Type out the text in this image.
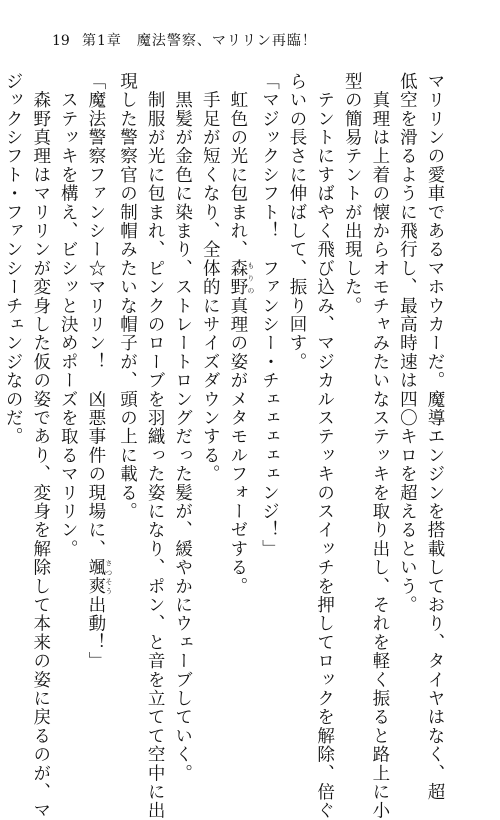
19 第1章　魔法警察、マリリン再臨！
マリリンの愛車であるマホウカーだ。魔導エンジンを搭載しており、タイヤはなく、超
低空を滑るように飛行し、最高時速は四〇キロを超えるという。
　真理は上着の懐からオモチャみたいなステッキを取り出し、それを軽く振ると路上に小
型の簡易テントが出現した。
　テントにすばやく飛び込み、マジカルステッキのスイッチを押してロックを解除、倍ぐ
らいの長さに伸ばして、振り回す。
「マジックシフト！　ファンシー・チェェェェェンジ！」
　虹色の光に包まれ、森野 もりの真理の姿がメタモルフォーゼする。
　手足が短くなり、全体的にサイズダウンする。
　黒髪が金色に染まり、ストレートロングだった髪が、緩やかにウェーブしていく。
　制服が光に包まれ、ピンクのローブを羽織った姿になり、ポン、と音を立てて空中に出
現した警察官の制帽みたいな帽子が、頭の上に載る。
「魔法警察ファンシー☆マリリン！　凶悪事件の現場に、颯爽 さつそう出動！」
　ステッキを構え、ビシッと決めポーズを取るマリリン。
　森野真理はマリリンが変身した仮の姿であり、変身を解除して本来の姿に戻るのが、マ
ジックシフト・ファンシーチェンジなのだ。
